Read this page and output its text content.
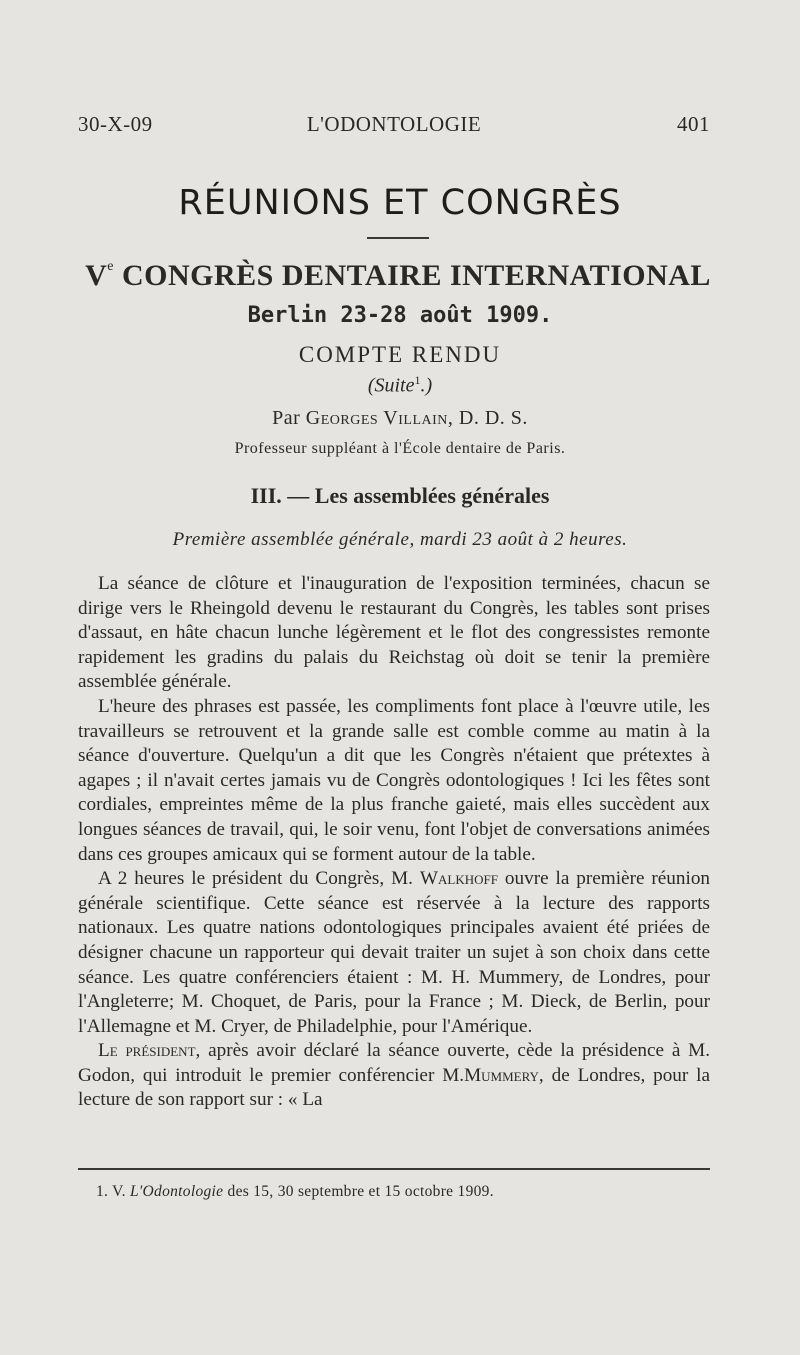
30-X-09	L'ODONTOLOGIE	401
RÉUNIONS ET CONGRÈS
Ve CONGRÈS DENTAIRE INTERNATIONAL
Berlin 23-28 août 1909.
COMPTE RENDU
(Suite$^1$.)
Par Georges Villain, D. D. S.
Professeur suppléant à l'École dentaire de Paris.
III. — Les assemblées générales
Première assemblée générale, mardi 23 août à 2 heures.

La séance de clôture et l'inauguration de l'exposition terminées, chacun se dirige vers le Rheingold devenu le restaurant du Congrès, les tables sont prises d'assaut, en hâte chacun lunche légèrement et le flot des congressistes remonte rapidement les gradins du palais du Reichstag où doit se tenir la première assemblée générale.

L'heure des phrases est passée, les compliments font place à l'œuvre utile, les travailleurs se retrouvent et la grande salle est comble comme au matin à la séance d'ouverture. Quelqu'un a dit que les Congrès n'étaient que prétextes à agapes ; il n'avait certes jamais vu de Congrès odontologiques ! Ici les fêtes sont cordiales, empreintes même de la plus franche gaieté, mais elles succèdent aux longues séances de travail, qui, le soir venu, font l'objet de conversations animées dans ces groupes amicaux qui se forment autour de la table.

A 2 heures le président du Congrès, M. Walkhoff ouvre la première réunion générale scientifique. Cette séance est réservée à la lecture des rapports nationaux. Les quatre nations odontologiques principales avaient été priées de désigner chacune un rapporteur qui devait traiter un sujet à son choix dans cette séance. Les quatre conférenciers étaient : M. H. Mummery, de Londres, pour l'Angleterre; M. Choquet, de Paris, pour la France ; M. Dieck, de Berlin, pour l'Allemagne et M. Cryer, de Philadelphie, pour l'Amérique.

Le président, après avoir déclaré la séance ouverte, cède la présidence à M. Godon, qui introduit le premier conférencier M.Mummery, de Londres, pour la lecture de son rapport sur : « La

1. V. L'Odontologie des 15, 30 septembre et 15 octobre 1909.
